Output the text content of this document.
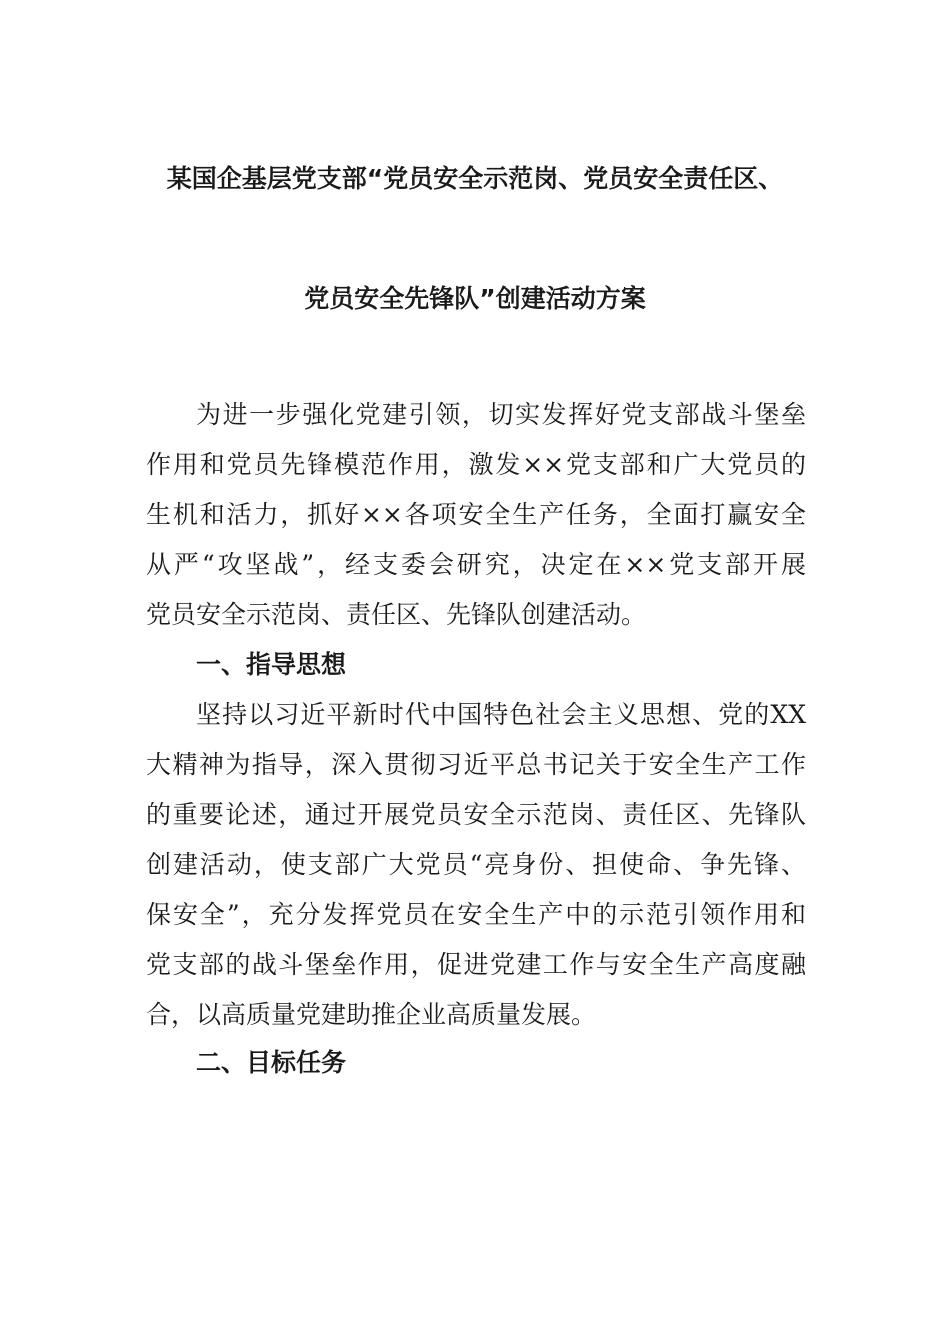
某国企基层党支部“党员安全示范岗、党员安全责任区、
党员安全先锋队”创建活动方案
为进一步强化党建引领，切实发挥好党支部战斗堡垒
作用和党员先锋模范作用，激发××党支部和广大党员的
生机和活力，抓好××各项安全生产任务，全面打赢安全
从严“攻坚战”，经支委会研究，决定在××党支部开展
党员安全示范岗、责任区、先锋队创建活动。
一、指导思想
坚持以习近平新时代中国特色社会主义思想、党的XX
大精神为指导，深入贯彻习近平总书记关于安全生产工作
的重要论述，通过开展党员安全示范岗、责任区、先锋队
创建活动，使支部广大党员“亮身份、担使命、争先锋、
保安全”，充分发挥党员在安全生产中的示范引领作用和
党支部的战斗堡垒作用，促进党建工作与安全生产高度融
合，以高质量党建助推企业高质量发展。
二、目标任务
